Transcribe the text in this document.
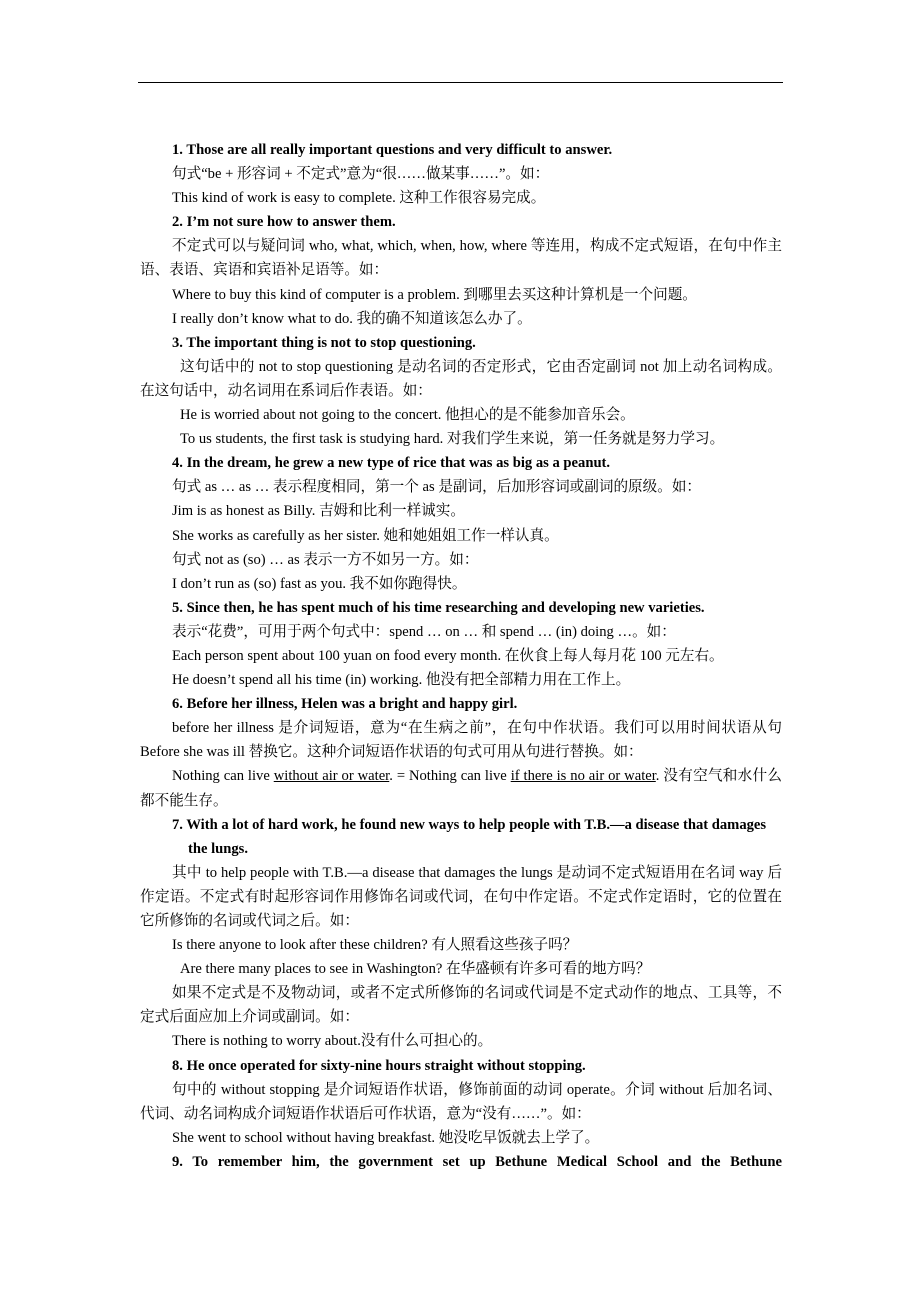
1. Those are all really important questions and very difficult to answer.

句式“be + 形容词 + 不定式”意为“很……做某事……”。如：

This kind of work is easy to complete. 这种工作很容易完成。

2. I’m not sure how to answer them.

不定式可以与疑问词 who, what, which, when, how, where 等连用，构成不定式短语，在句中作主语、表语、宾语和宾语补足语等。如：

Where to buy this kind of computer is a problem. 到哪里去买这种计算机是一个问题。

I really don’t know what to do. 我的确不知道该怎么办了。

3. The important thing is not to stop questioning.

这句话中的 not to stop questioning 是动名词的否定形式，它由否定副词 not 加上动名词构成。在这句话中，动名词用在系词后作表语。如：

He is worried about not going to the concert. 他担心的是不能参加音乐会。

To us students, the first task is studying hard. 对我们学生来说，第一任务就是努力学习。

4. In the dream, he grew a new type of rice that was as big as a peanut.

句式 as … as … 表示程度相同，第一个 as 是副词，后加形容词或副词的原级。如：

Jim is as honest as Billy. 吉姆和比利一样诚实。

She works as carefully as her sister. 她和她姐姐工作一样认真。

句式 not as (so) … as 表示一方不如另一方。如：

I don’t run as (so) fast as you. 我不如你跑得快。

5. Since then, he has spent much of his time researching and developing new varieties.

表示“花费”，可用于两个句式中：spend … on … 和 spend … (in) doing …。如：

Each person spent about 100 yuan on food every month. 在伙食上每人每月花 100 元左右。

He doesn’t spend all his time (in) working. 他没有把全部精力用在工作上。

6. Before her illness, Helen was a bright and happy girl.

before her illness 是介词短语，意为“在生病之前”，在句中作状语。我们可以用时间状语从句 Before she was ill 替换它。这种介词短语作状语的句式可用从句进行替换。如：

Nothing can live without air or water. = Nothing can live if there is no air or water. 没有空气和水什么都不能生存。

7. With a lot of hard work, he found new ways to help people with T.B.—a disease that damages the lungs.

其中 to help people with T.B.—a disease that damages the lungs 是动词不定式短语用在名词 way 后作定语。不定式有时起形容词作用修饰名词或代词，在句中作定语。不定式作定语时，它的位置在它所修饰的名词或代词之后。如：

Is there anyone to look after these children? 有人照看这些孩子吗？

Are there many places to see in Washington? 在华盛顿有许多可看的地方吗？

如果不定式是不及物动词，或者不定式所修饰的名词或代词是不定式动作的地点、工具等，不定式后面应加上介词或副词。如：

There is nothing to worry about.没有什么可担心的。

8. He once operated for sixty-nine hours straight without stopping.

句中的 without stopping 是介词短语作状语，修饰前面的动词 operate。介词 without 后加名词、代词、动名词构成介词短语作状语后可作状语，意为“没有……”。如：

She went to school without having breakfast. 她没吃早饭就去上学了。

9. To remember him, the government set up Bethune Medical School and the Bethune
